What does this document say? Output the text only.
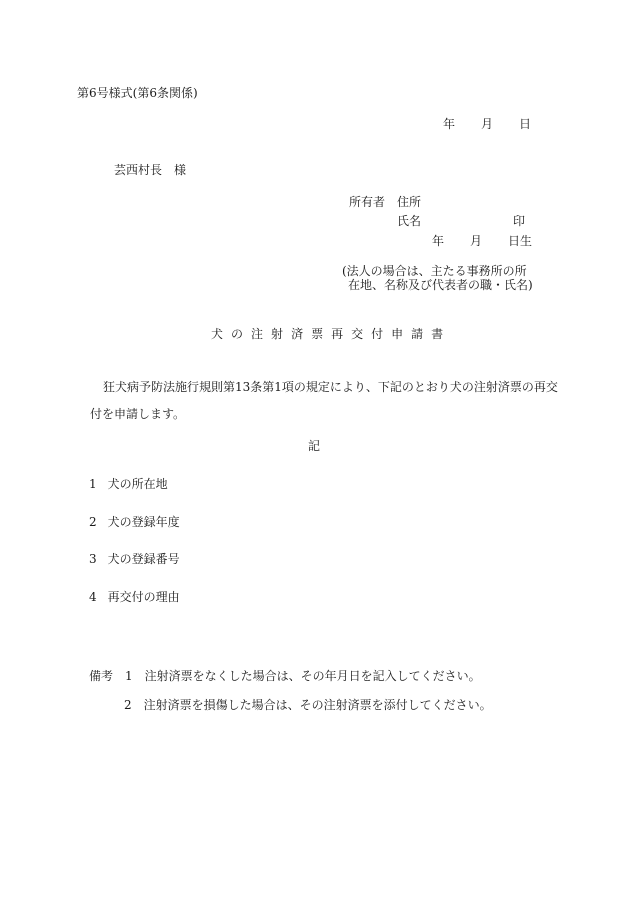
第6号様式(第6条関係)
年 月 日
芸西村長 様
所有者 住所
氏名	印
年 月 日生
(法人の場合は、主たる事務所の所
在地、名称及び代表者の職・氏名)
犬 の 注 射 済 票 再 交 付 申 請 書
狂犬病予防法施行規則第13条第1項の規定により、下記のとおり犬の注射済票の再交
付を申請します。
記
1 犬の所在地
2 犬の登録年度
3 犬の登録番号
4 再交付の理由
備考 1 注射済票をなくした場合は、その年月日を記入してください。
2 注射済票を損傷した場合は、その注射済票を添付してください。
